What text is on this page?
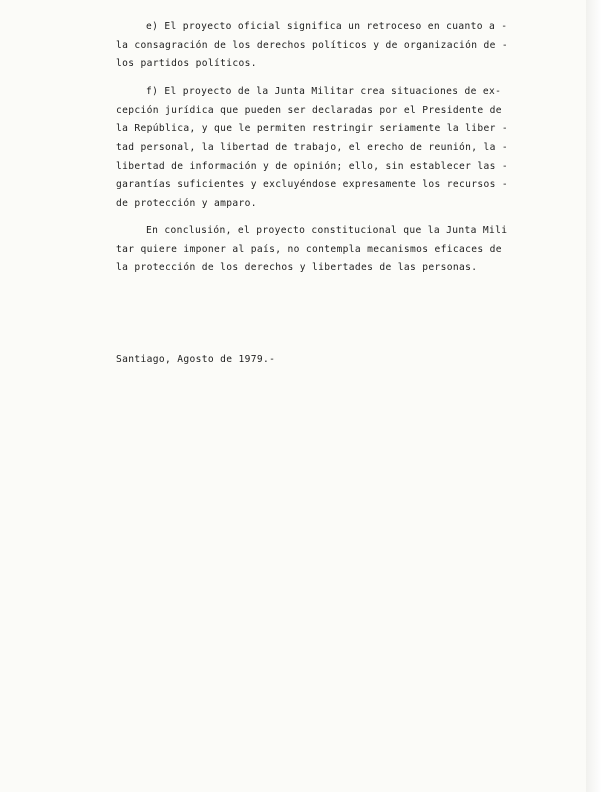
e) El proyecto oficial significa un retroceso en cuanto a -
la consagración de los derechos políticos y de organización de -
los partidos políticos.
f) El proyecto de la Junta Militar crea situaciones de ex-
cepción jurídica que pueden ser declaradas por el Presidente de
la República, y que le permiten restringir seriamente la liber -
tad personal, la libertad de trabajo, el erecho de reunión, la -
libertad de información y de opinión; ello, sin establecer las -
garantías suficientes y excluyéndose expresamente los recursos -
de protección y amparo.
En conclusión, el proyecto constitucional que la Junta Mili
tar quiere imponer al país, no contempla mecanismos eficaces de
la protección de los derechos y libertades de las personas.
Santiago, Agosto de 1979.-
